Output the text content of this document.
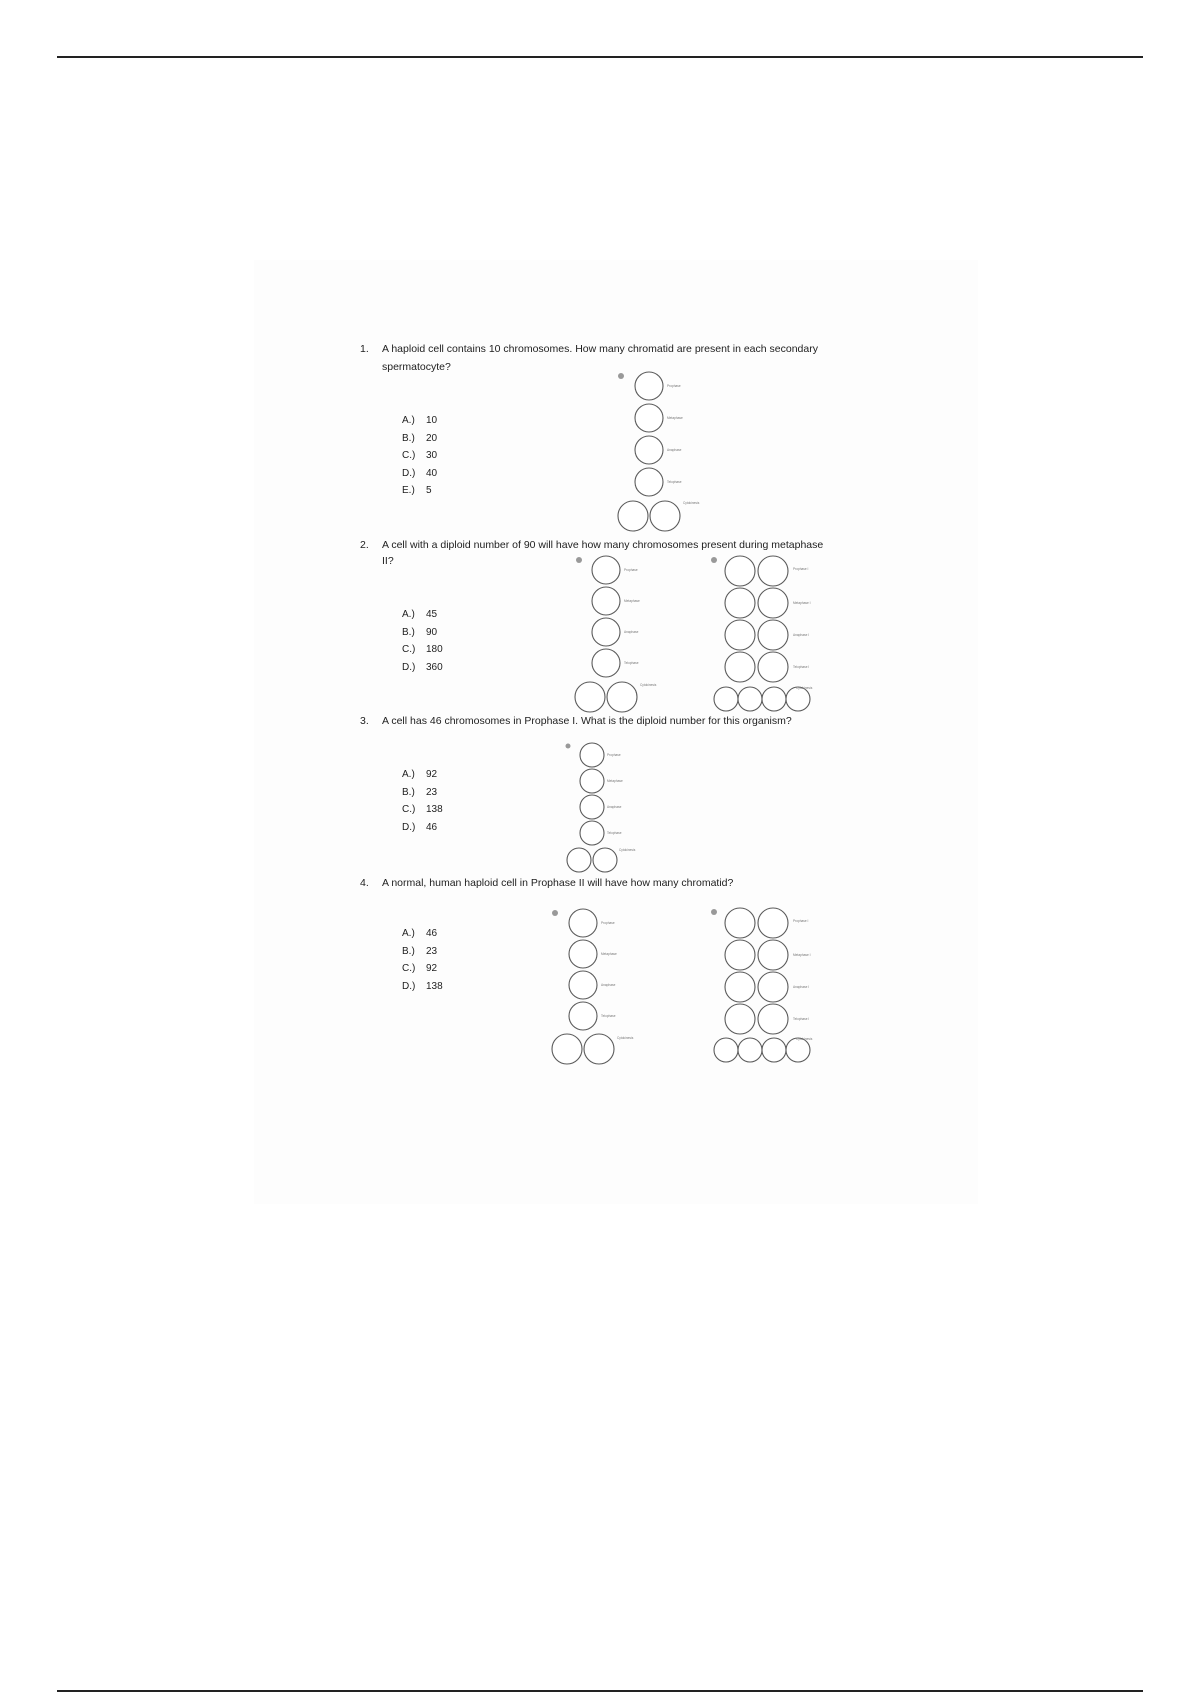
1. A haploid cell contains 10 chromosomes. How many chromatid are present in each secondary
spermatocyte?
A.) 10
B.) 20
C.) 30
D.) 40
E.) 5
Prophase
Metaphase
Anaphase
Telophase
Cytokinesis
2. A cell with a diploid number of 90 will have how many chromosomes present during metaphase
II?
A.) 45
B.) 90
C.) 180
D.) 360
Prophase
Metaphase
Anaphase
Telophase
Cytokinesis
Prophase I
Metaphase I
Anaphase I
Telophase I
Cytokinesis
3. A cell has 46 chromosomes in Prophase I. What is the diploid number for this organism?
A.) 92
B.) 23
C.) 138
D.) 46
Prophase
Metaphase
Anaphase
Telophase
Cytokinesis
4. A normal, human haploid cell in Prophase II will have how many chromatid?
A.) 46
B.) 23
C.) 92
D.) 138
Prophase
Metaphase
Anaphase
Telophase
Cytokinesis
Prophase I
Metaphase I
Anaphase I
Telophase I
Cytokinesis
